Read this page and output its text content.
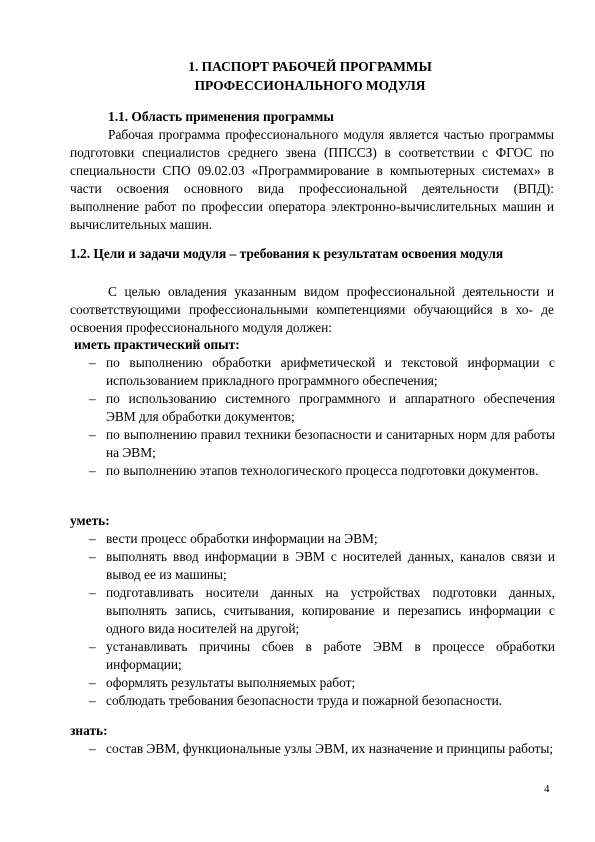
1. ПАСПОРТ РАБОЧЕЙ ПРОГРАММЫ
ПРОФЕССИОНАЛЬНОГО МОДУЛЯ
1.1. Область применения программы
Рабочая программа профессионального модуля является частью программы подготовки специалистов среднего звена (ППССЗ) в соответствии с ФГОС по специальности СПО 09.02.03 «Программирование в компьютерных системах» в части освоения основного вида профессиональной деятельности (ВПД): выполнение работ по профессии оператора электронно-вычислительных машин и вычислительных машин.
1.2. Цели и задачи модуля – требования к результатам освоения модуля
С целью овладения указанным видом профессиональной деятельности и соответствующими профессиональными компетенциями обучающийся в хо- де освоения профессионального модуля должен:
иметь практический опыт:
– по выполнению обработки арифметической и текстовой информации с использованием прикладного программного обеспечения;
– по использованию системного программного и аппаратного обеспечения ЭВМ для обработки документов;
– по выполнению правил техники безопасности и санитарных норм для работы на ЭВМ;
– по выполнению этапов технологического процесса подготовки документов.
уметь:
– вести процесс обработки информации на ЭВМ;
– выполнять ввод информации в ЭВМ с носителей данных, каналов связи и вывод ее из машины;
– подготавливать носители данных на устройствах подготовки данных, выполнять запись, считывания, копирование и перезапись информации с одного вида носителей на другой;
– устанавливать причины сбоев в работе ЭВМ в процессе обработки информации;
– оформлять результаты выполняемых работ;
– соблюдать требования безопасности труда и пожарной безопасности.
знать:
– состав ЭВМ, функциональные узлы ЭВМ, их назначение и принципы работы;
4
